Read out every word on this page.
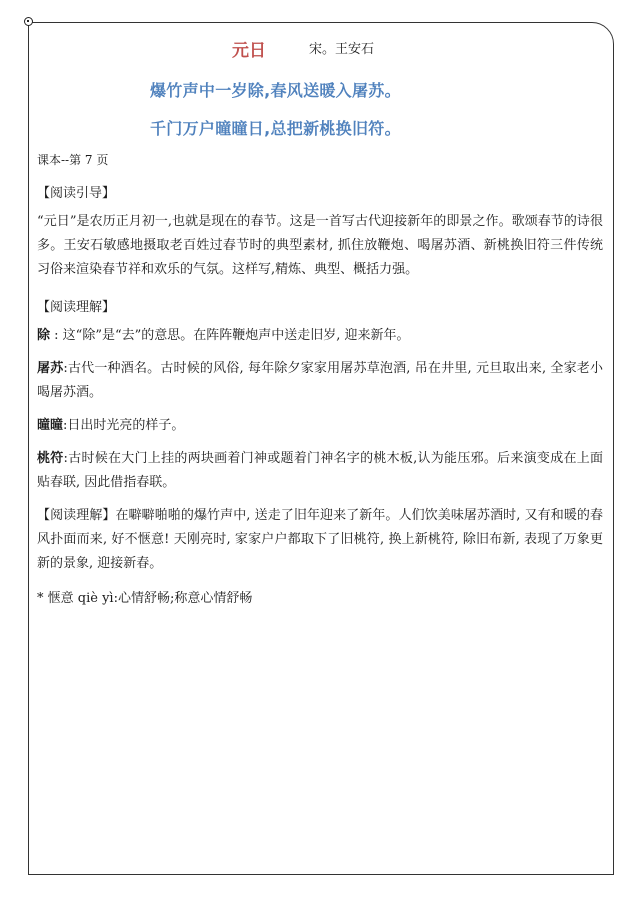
元日	宋。王安石
爆竹声中一岁除,春风送暖入屠苏。
千门万户曈曈日,总把新桃换旧符。
课本--第 7 页
【阅读引导】
“元日”是农历正月初一,也就是现在的春节。这是一首写古代迎接新年的即景之作。歌颂春节的诗很多。王安石敏感地摄取老百姓过春节时的典型素材, 抓住放鞭炮、喝屠苏酒、新桃换旧符三件传统习俗来渲染春节祥和欢乐的气氛。这样写,精炼、典型、概括力强。
【阅读理解】
除 : 这“除”是“去”的意思。在阵阵鞭炮声中送走旧岁, 迎来新年。
屠苏:古代一种酒名。古时候的风俗, 每年除夕家家用屠苏草泡酒, 吊在井里, 元旦取出来, 全家老小喝屠苏酒。
曈曈:日出时光亮的样子。
桃符:古时候在大门上挂的两块画着门神或题着门神名字的桃木板,认为能压邪。后来演变成在上面贴春联, 因此借指春联。
【阅读理解】在噼噼啪啪的爆竹声中, 送走了旧年迎来了新年。人们饮美味屠苏酒时, 又有和暖的春风扑面而来, 好不惬意! 天刚亮时, 家家户户都取下了旧桃符, 换上新桃符, 除旧布新, 表现了万象更新的景象, 迎接新春。
* 惬意 qiè yì:心情舒畅;称意心情舒畅
